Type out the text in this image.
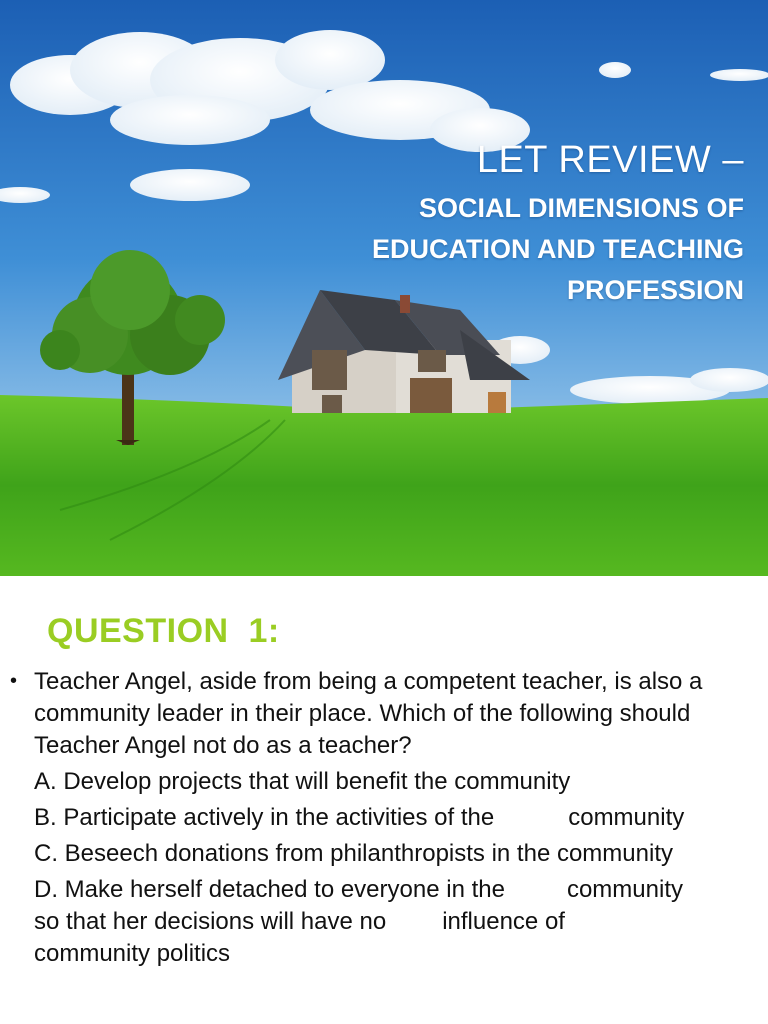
LET REVIEW –
SOCIAL DIMENSIONS OF
EDUCATION AND TEACHING
PROFESSION
QUESTION  1:
• Teacher Angel, aside from being a competent teacher, is also a community leader in their place. Which of the following should Teacher Angel not do as a teacher?
A. Develop projects that will benefit the community
B. Participate actively in the activities of the	community
C. Beseech donations from philanthropists in the community
D. Make herself detached to everyone in the	community
so that her decisions will have no influence of
community politics
